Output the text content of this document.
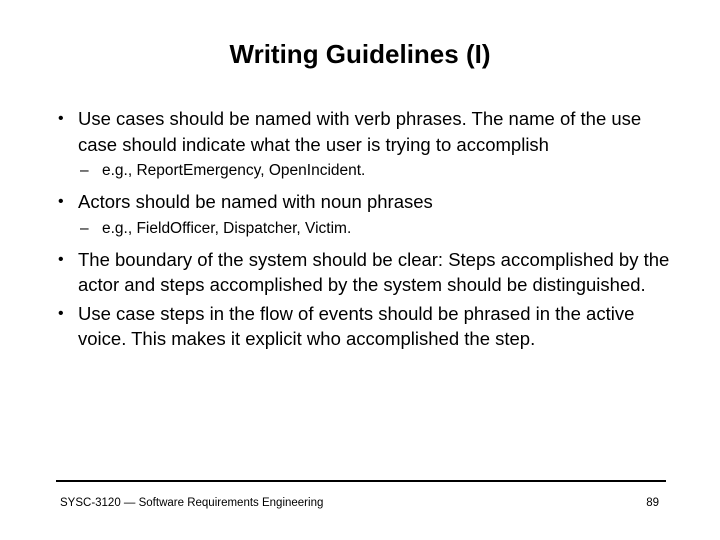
Writing Guidelines (I)

• Use cases should be named with verb phrases. The name of the use case should indicate what the user is trying to accomplish

– e.g., ReportEmergency, OpenIncident.

• Actors should be named with noun phrases

– e.g., FieldOfficer, Dispatcher, Victim.

• The boundary of the system should be clear: Steps accomplished by the actor and steps accomplished by the system should be distinguished.

• Use case steps in the flow of events should be phrased in the active voice. This makes it explicit who accomplished the step.

SYSC-3120 — Software Requirements Engineering	89
